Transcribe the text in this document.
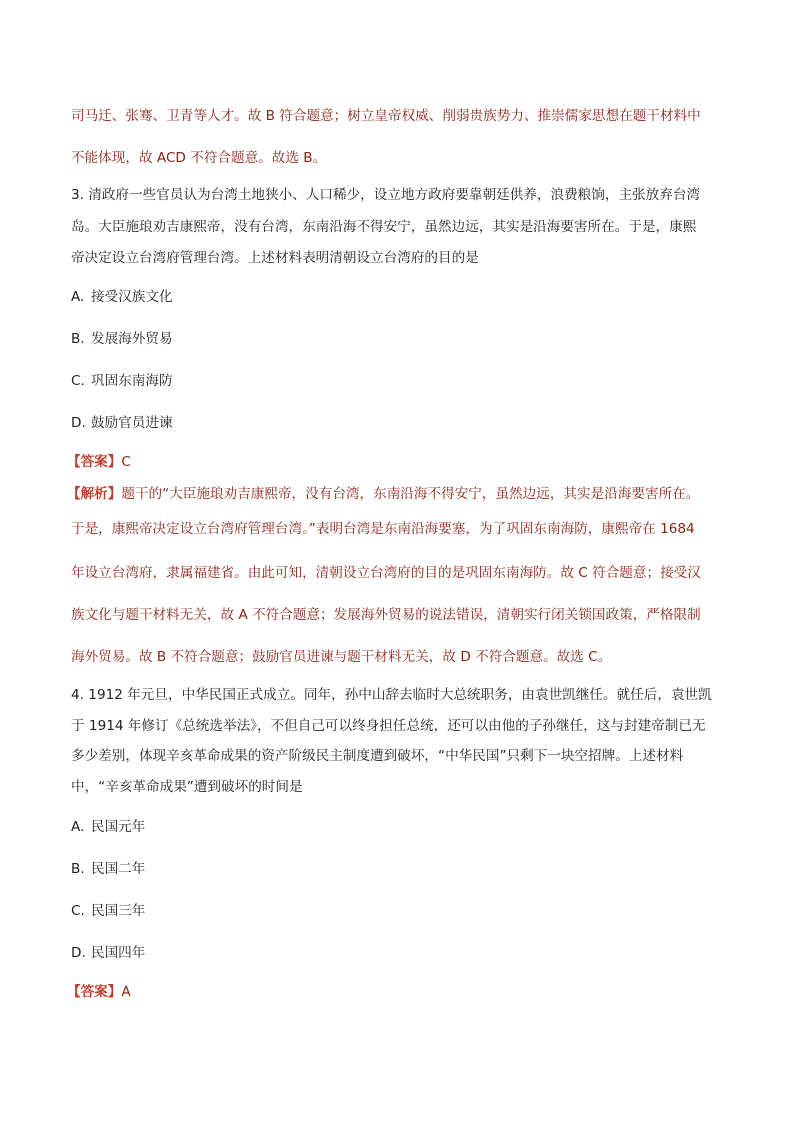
司马迁、张骞、卫青等人才。故 B 符合题意；树立皇帝权威、削弱贵族势力、推崇儒家思想在题干材料中
不能体现，故 ACD 不符合题意。故选 B。
3. 清政府一些官员认为台湾土地狭小、人口稀少，设立地方政府要靠朝廷供养，浪费粮饷，主张放弃台湾
岛。大臣施琅劝吉康熙帝，没有台湾，东南沿海不得安宁，虽然边远，其实是沿海要害所在。于是，康熙
帝决定设立台湾府管理台湾。上述材料表明清朝设立台湾府的目的是
A. 接受汉族文化
B. 发展海外贸易
C. 巩固东南海防
D. 鼓励官员进谏
【答案】C
【解析】题干的“大臣施琅劝吉康熙帝，没有台湾，东南沿海不得安宁，虽然边远，其实是沿海要害所在。
于是，康熙帝决定设立台湾府管理台湾。”表明台湾是东南沿海要塞，为了巩固东南海防，康熙帝在 1684
年设立台湾府，隶属福建省。由此可知，清朝设立台湾府的目的是巩固东南海防。故 C 符合题意；接受汉
族文化与题干材料无关，故 A 不符合题意；发展海外贸易的说法错误，清朝实行闭关锁国政策，严格限制
海外贸易。故 B 不符合题意；鼓励官员进谏与题干材料无关，故 D 不符合题意。故选 C。
4. 1912 年元旦，中华民国正式成立。同年，孙中山辞去临时大总统职务，由袁世凯继任。就任后，袁世凯
于 1914 年修订《总统选举法》，不但自己可以终身担任总统，还可以由他的子孙继任，这与封建帝制已无
多少差别，体现辛亥革命成果的资产阶级民主制度遭到破坏，“中华民国”只剩下一块空招牌。上述材料
中，“辛亥革命成果”遭到破坏的时间是
A. 民国元年
B. 民国二年
C. 民国三年
D. 民国四年
【答案】A
